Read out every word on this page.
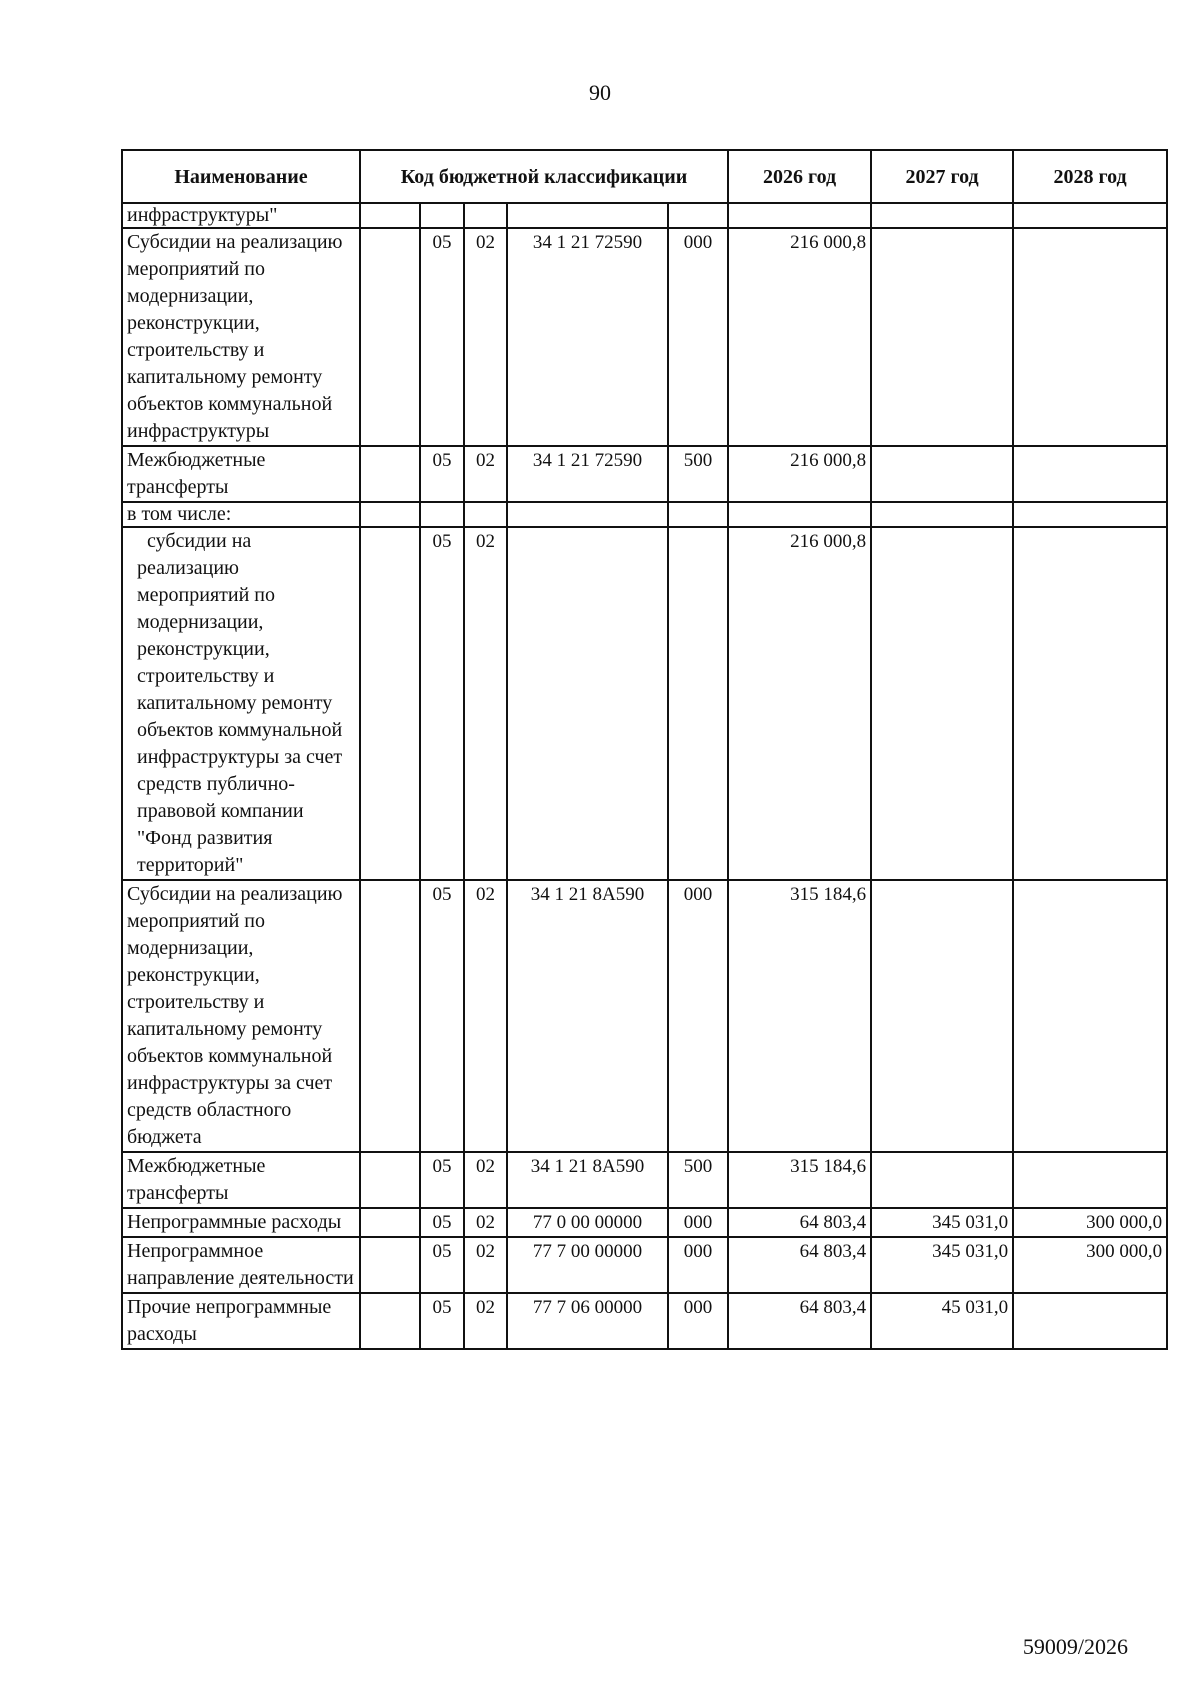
90
Наименование	Код бюджетной классификации					2026 год	2027 год	2028 год
инфраструктуры"								
Субсидии на реализацию мероприятий по модернизации, реконструкции, строительству и капитальному ремонту объектов коммунальной инфраструктуры		05	02	34 1 21 72590	000	216 000,8		
Межбюджетные трансферты		05	02	34 1 21 72590	500	216 000,8		
в том числе:								
субсидии на реализацию мероприятий по модернизации, реконструкции, строительству и капитальному ремонту объектов коммунальной инфраструктуры за счет средств публично-правовой компании "Фонд развития территорий"		05	02			216 000,8		
Субсидии на реализацию мероприятий по модернизации, реконструкции, строительству и капитальному ремонту объектов коммунальной инфраструктуры за счет средств областного бюджета		05	02	34 1 21 8А590	000	315 184,6		
Межбюджетные трансферты		05	02	34 1 21 8А590	500	315 184,6		
Непрограммные расходы		05	02	77 0 00 00000	000	64 803,4	345 031,0	300 000,0
Непрограммное направление деятельности		05	02	77 7 00 00000	000	64 803,4	345 031,0	300 000,0
Прочие непрограммные расходы		05	02	77 7 06 00000	000	64 803,4	45 031,0	
59009/2026
